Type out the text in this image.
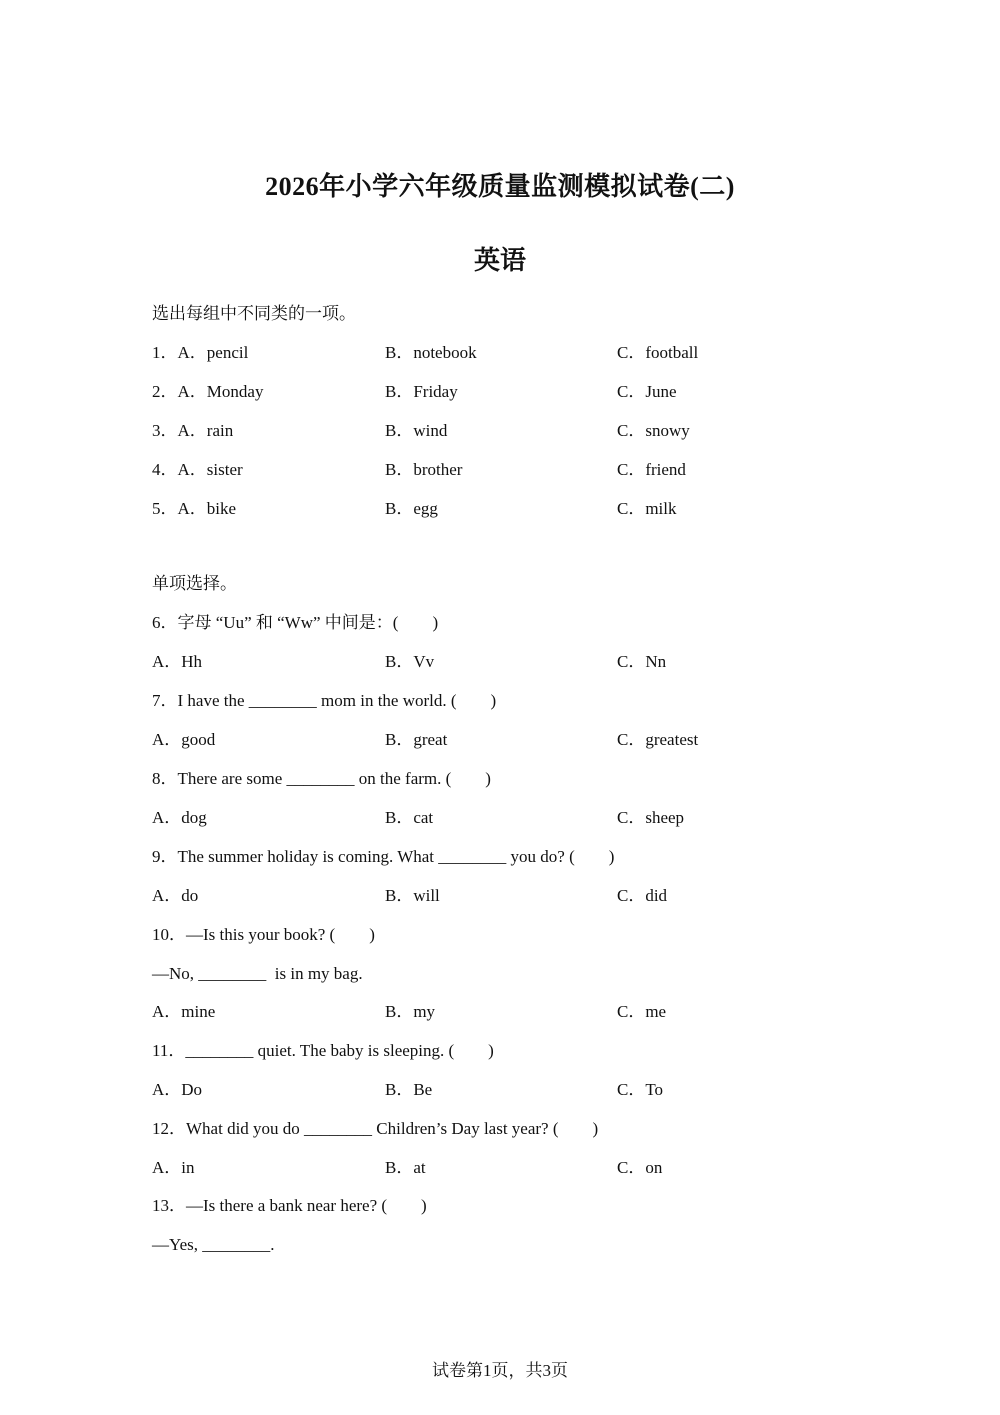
2026年小学六年级质量监测模拟试卷(二)
英语
选出每组中不同类的一项。
1．A．pencil	B．notebook	C．football
2．A．Monday	B．Friday	C．June
3．A．rain	B．wind	C．snowy
4．A．sister	B．brother	C．friend
5．A．bike	B．egg	C．milk
单项选择。
6．字母 “Uu” 和 “Ww” 中间是：(　　)
A．Hh	B．Vv	C．Nn
7．I have the ________ mom in the world. (　　)
A．good	B．great	C．greatest
8．There are some ________ on the farm. (　　)
A．dog	B．cat	C．sheep
9．The summer holiday is coming. What ________ you do? (　　)
A．do	B．will	C．did
10．—Is this your book? (　　)
—No, ________  is in my bag.
A．mine	B．my	C．me
11．________ quiet. The baby is sleeping. (　　)
A．Do	B．Be	C．To
12．What did you do ________ Children’s Day last year? (　　)
A．in	B．at	C．on
13．—Is there a bank near here? (　　)
—Yes, ________.
试卷第1页，共3页
